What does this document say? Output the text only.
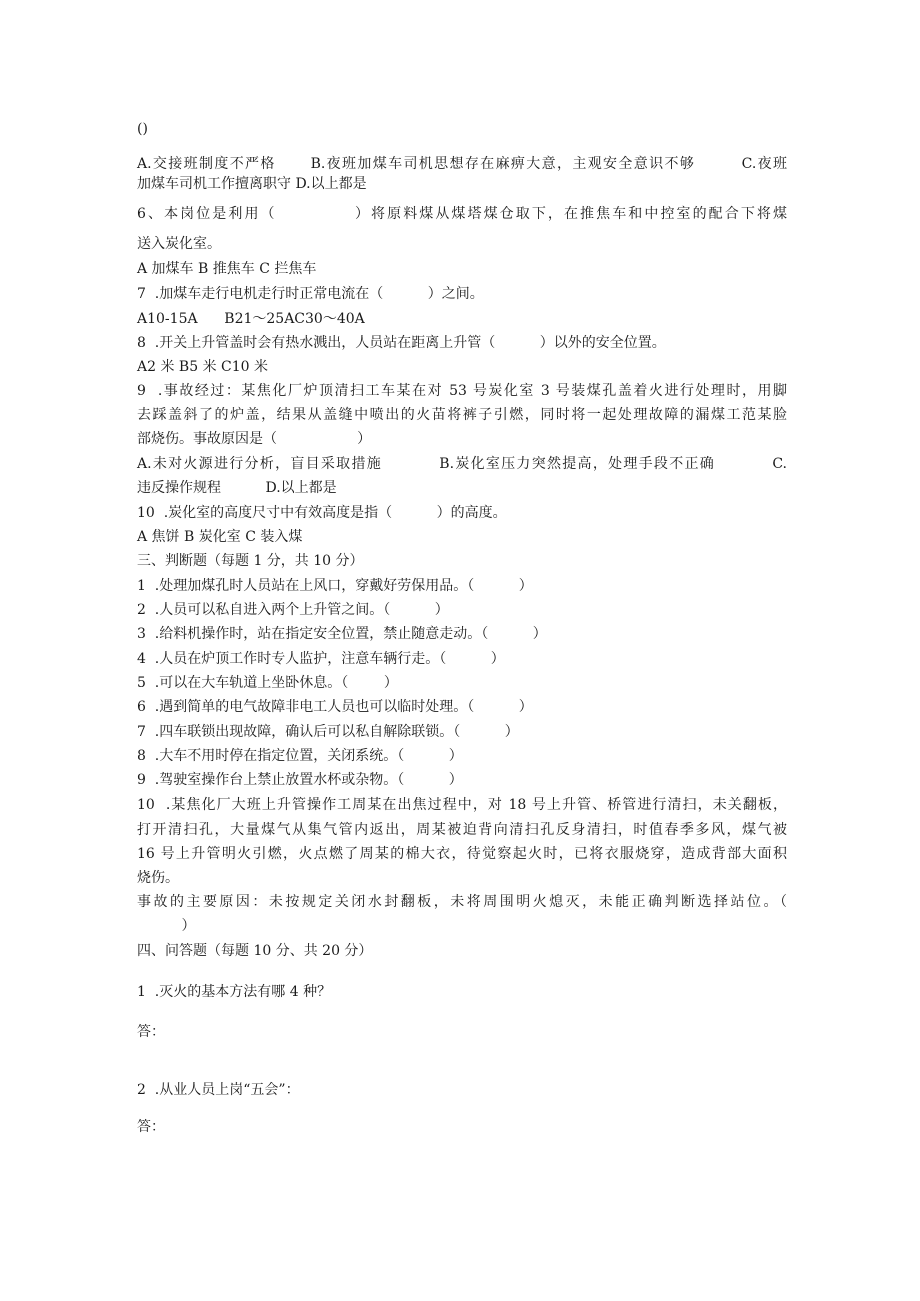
()

A.交接班制度不严格      B.夜班加煤车司机思想存在麻痹大意，主观安全意识不够        C.夜班

加煤车司机工作擅离职守 D.以上都是

6、本岗位是利用（            ）将原料煤从煤塔煤仓取下，在推焦车和中控室的配合下将煤

送入炭化室。

A 加煤车 B 推焦车 C 拦焦车

7  .加煤车走行电机走行时正常电流在（          ）之间。

A10-15A      B21～25AC30～40A

8  .开关上升管盖时会有热水溅出，人员站在距离上升管（          ）以外的安全位置。

A2 米 B5 米 C10 米

9  .事故经过：某焦化厂炉顶清扫工车某在对 53 号炭化室 3 号装煤孔盖着火进行处理时，用脚

去踩盖斜了的炉盖，结果从盖缝中喷出的火苗将裤子引燃，同时将一起处理故障的漏煤工范某脸

部烧伤。事故原因是（                  ）

A.未对火源进行分析，盲目采取措施          B.炭化室压力突然提高，处理手段不正确          C.

违反操作规程          D.以上都是

10  .炭化室的高度尺寸中有效高度是指（          ）的高度。

A 焦饼 B 炭化室 C 装入煤

三、判断题（每题 1 分，共 10 分）

1  .处理加煤孔时人员站在上风口，穿戴好劳保用品。（          ）

2  .人员可以私自进入两个上升管之间。（          ）

3  .给料机操作时，站在指定安全位置，禁止随意走动。（          ）

4  .人员在炉顶工作时专人监护，注意车辆行走。（          ）

5  .可以在大车轨道上坐卧休息。（        ）

6  .遇到简单的电气故障非电工人员也可以临时处理。（          ）

7  .四车联锁出现故障，确认后可以私自解除联锁。（          ）

8  .大车不用时停在指定位置，关闭系统。（          ）

9  .驾驶室操作台上禁止放置水杯或杂物。（          ）

10  .某焦化厂大班上升管操作工周某在出焦过程中，对 18 号上升管、桥管进行清扫，未关翻板，

打开清扫孔，大量煤气从集气管内返出，周某被迫背向清扫孔反身清扫，时值春季多风，煤气被

16 号上升管明火引燃，火点燃了周某的棉大衣，待觉察起火时，已将衣服烧穿，造成背部大面积

烧伤。

事故的主要原因：未按规定关闭水封翻板，未将周围明火熄灭，未能正确判断选择站位。（

）

四、问答题（每题 10 分、共 20 分）

1  .灭火的基本方法有哪 4 种？

答：

2  .从业人员上岗“五会”：

答：
